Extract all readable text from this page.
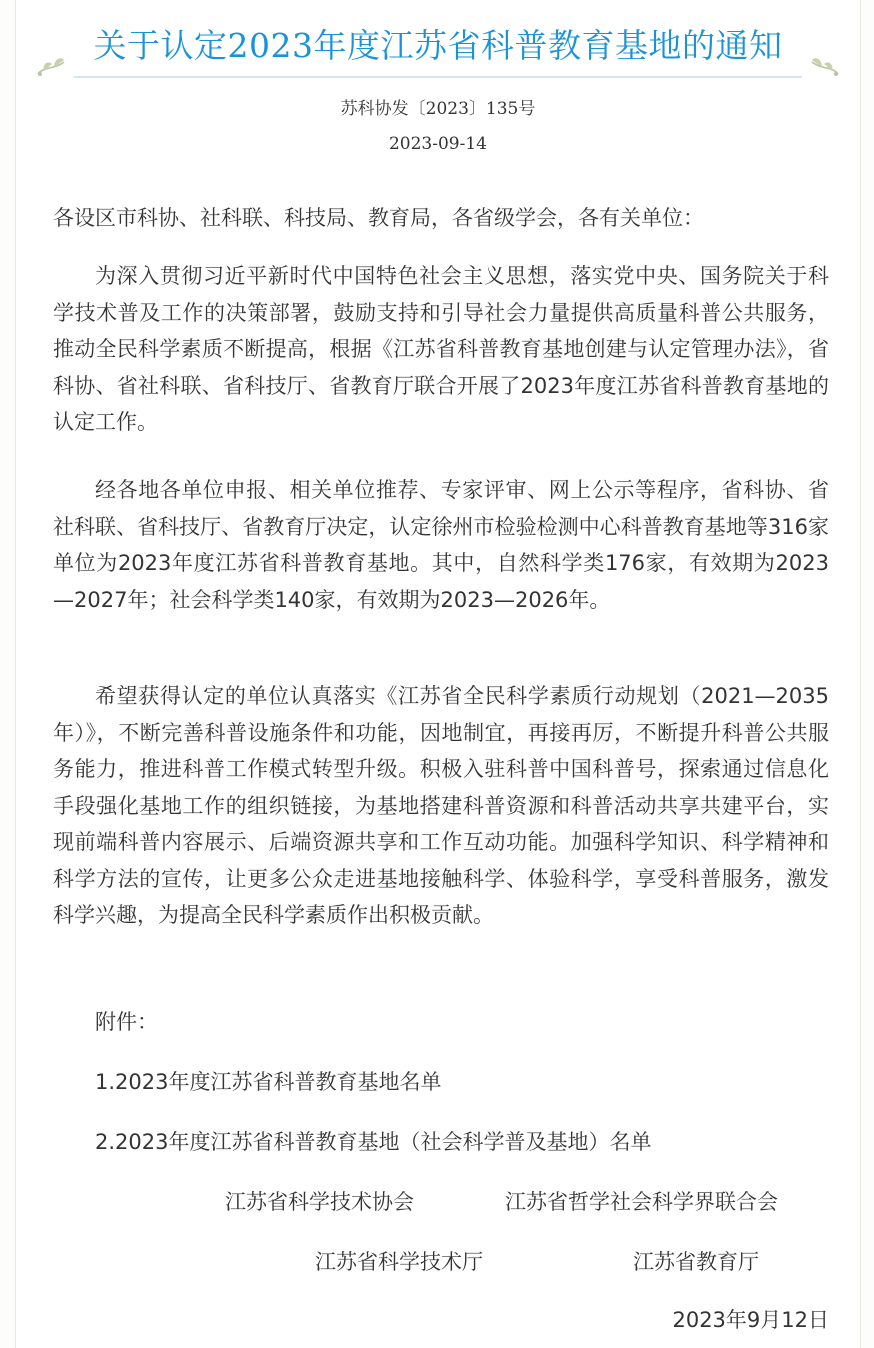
关于认定2023年度江苏省科普教育基地的通知
苏科协发〔2023〕135号
2023-09-14

各设区市科协、社科联、科技局、教育局，各省级学会，各有关单位：

为深入贯彻习近平新时代中国特色社会主义思想，落实党中央、国务院关于科学技术普及工作的决策部署，鼓励支持和引导社会力量提供高质量科普公共服务，推动全民科学素质不断提高，根据《江苏省科普教育基地创建与认定管理办法》，省科协、省社科联、省科技厅、省教育厅联合开展了2023年度江苏省科普教育基地的认定工作。

经各地各单位申报、相关单位推荐、专家评审、网上公示等程序，省科协、省社科联、省科技厅、省教育厅决定，认定徐州市检验检测中心科普教育基地等316家单位为2023年度江苏省科普教育基地。其中，自然科学类176家，有效期为2023—2027年；社会科学类140家，有效期为2023—2026年。

希望获得认定的单位认真落实《江苏省全民科学素质行动规划（2021—2035年）》，不断完善科普设施条件和功能，因地制宜，再接再厉，不断提升科普公共服务能力，推进科普工作模式转型升级。积极入驻科普中国科普号，探索通过信息化手段强化基地工作的组织链接，为基地搭建科普资源和科普活动共享共建平台，实现前端科普内容展示、后端资源共享和工作互动功能。加强科学知识、科学精神和科学方法的宣传，让更多公众走进基地接触科学、体验科学，享受科普服务，激发科学兴趣，为提高全民科学素质作出积极贡献。

附件：

1.2023年度江苏省科普教育基地名单

2.2023年度江苏省科普教育基地（社会科学普及基地）名单

江苏省科学技术协会	江苏省哲学社会科学界联合会
江苏省科学技术厅	江苏省教育厅
2023年9月12日
